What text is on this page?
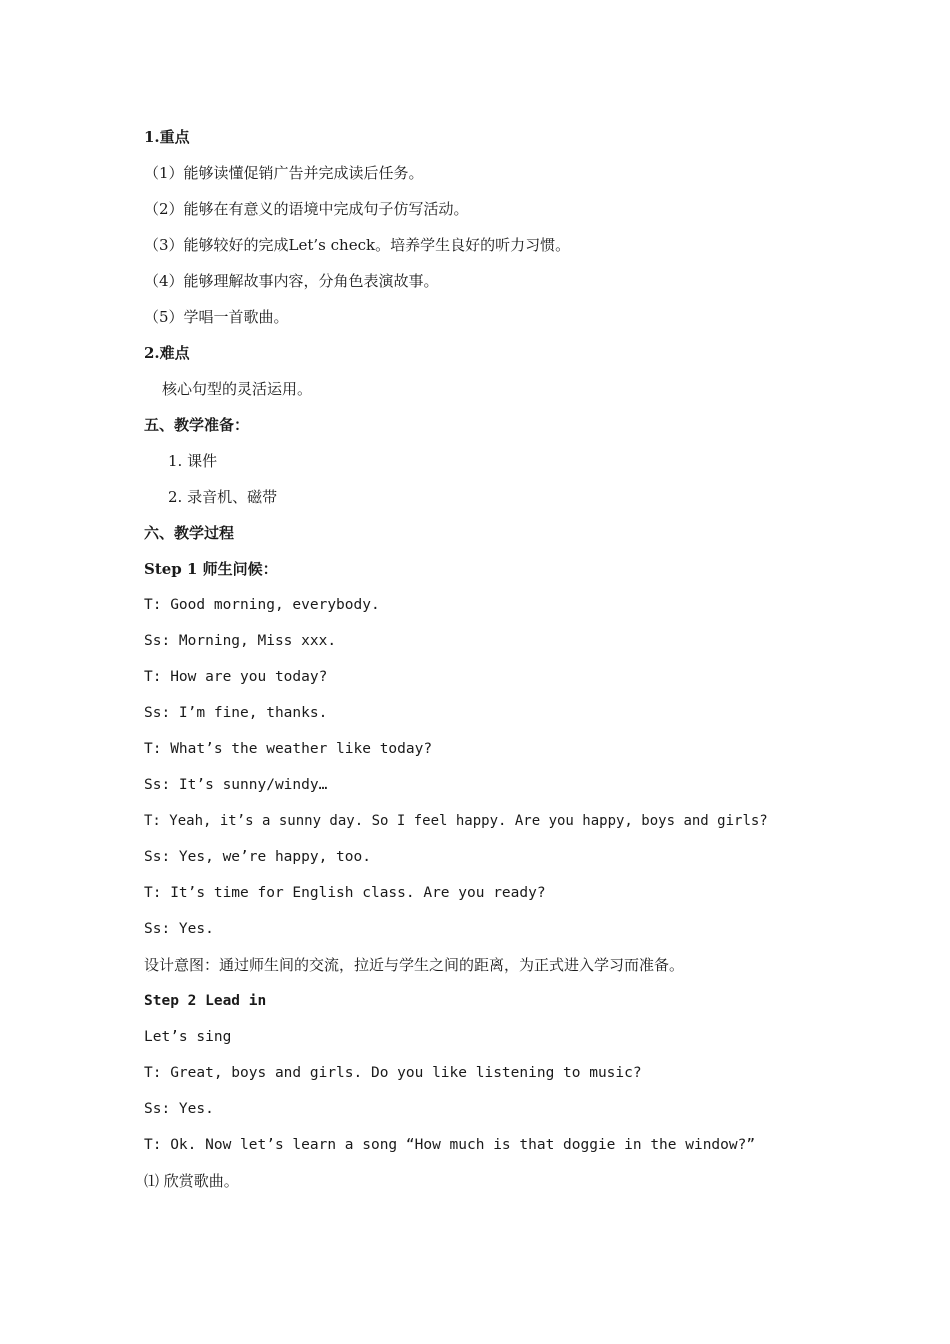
1.重点
（1）能够读懂促销广告并完成读后任务。
（2）能够在有意义的语境中完成句子仿写活动。
（3）能够较好的完成Let’s check。培养学生良好的听力习惯。
（4）能够理解故事内容，分角色表演故事。
（5）学唱一首歌曲。
2.难点
核心句型的灵活运用。
五、教学准备：
1. 课件
2. 录音机、磁带
六、教学过程
Step 1 师生问候：
T: Good morning, everybody.
Ss: Morning, Miss xxx.
T: How are you today?
Ss: I’m fine, thanks.
T: What’s the weather like today?
Ss: It’s sunny/windy…
T: Yeah, it’s a sunny day. So I feel happy. Are you happy, boys and girls?
Ss: Yes, we’re happy, too.
T: It’s time for English class. Are you ready?
Ss: Yes.
设计意图：通过师生间的交流，拉近与学生之间的距离，为正式进入学习而准备。
Step 2 Lead in
Let’s sing
T: Great, boys and girls. Do you like listening to music?
Ss: Yes.
T: Ok. Now let’s learn a song “How much is that doggie in the window?”
⑴ 欣赏歌曲。
